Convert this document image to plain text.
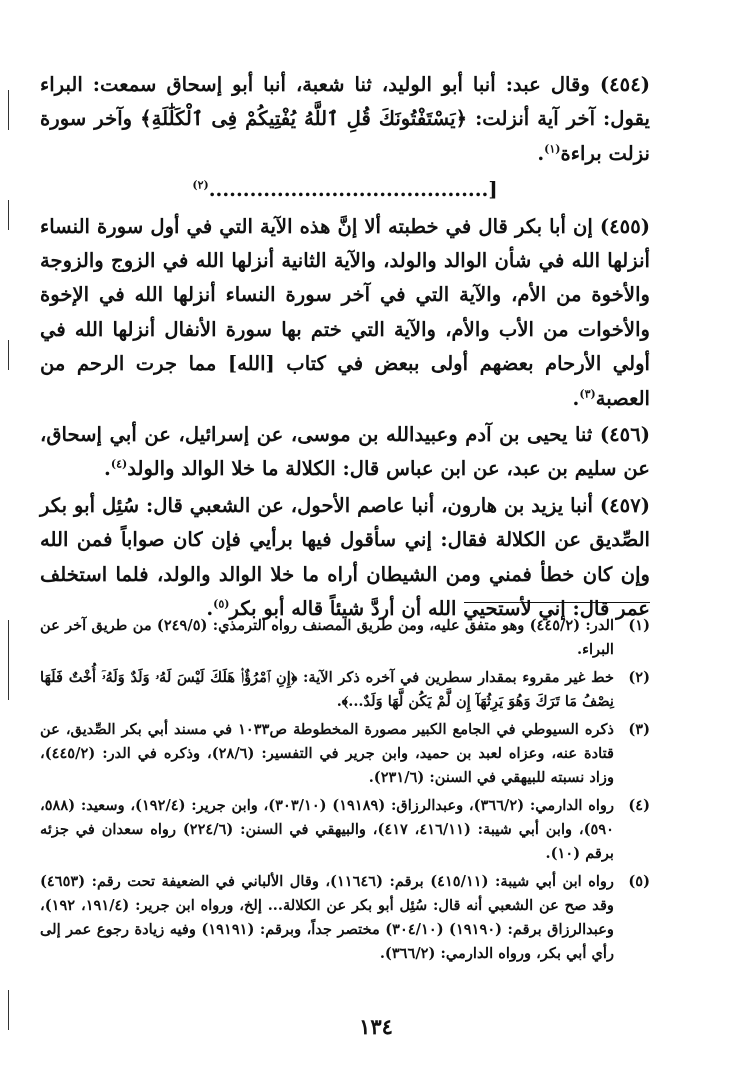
(٤٥٤) وقال عبد: أنبا أبو الوليد، ثنا شعبة، أنبا أبو إسحاق سمعت: البراء يقول: آخر آية أنزلت: ﴿يَسْتَفْتُونَكَ قُلِ ٱللَّهُ يُفْتِيكُمْ فِى ٱلْكَلَٰلَةِ﴾ وآخر سورة نزلت براءة$^{(١)}$.

[.........................................$^{(٢)}$

(٤٥٥) إن أبا بكر قال في خطبته ألا إنَّ هذه الآية التي في أول سورة النساء أنزلها الله في شأن الوالد والولد، والآية الثانية أنزلها الله في الزوج والزوجة والأخوة من الأم، والآية التي في آخر سورة النساء أنزلها الله في الإخوة والأخوات من الأب والأم، والآية التي ختم بها سورة الأنفال أنزلها الله في أولي الأرحام بعضهم أولى ببعض في كتاب [الله] مما جرت الرحم من العصبة$^{(٣)}$.

(٤٥٦) ثنا يحيى بن آدم وعبيدالله بن موسى، عن إسرائيل، عن أبي إسحاق، عن سليم بن عبد، عن ابن عباس قال: الكلالة ما خلا الوالد والولد$^{(٤)}$.

(٤٥٧) أنبا يزيد بن هارون، أنبا عاصم الأحول، عن الشعبي قال: سُئِل أبو بكر الصِّديق عن الكلالة فقال: إني سأقول فيها برأيي فإن كان صواباً فمن الله وإن كان خطأ فمني ومن الشيطان أراه ما خلا الوالد والولد، فلما استخلف عمر قال: إني لأستحيي الله أن أردَّ شيئاً قاله أبو بكر$^{(٥)}$.

(١)
الدر: (٤٤٥/٢) وهو متفق عليه، ومن طريق المصنف رواه الترمذي: (٢٤٩/٥) من طريق آخر عن البراء.
(٢)
خط غير مقروء بمقدار سطرين في آخره ذكر الآية: ﴿إِنِ ٱمْرُؤٌا۟ هَلَكَ لَيْسَ لَهُۥ وَلَدٌ وَلَهُۥٓ أُخْتٌ فَلَهَا نِصْفُ مَا تَرَكَ وَهُوَ يَرِثُهَآ إِن لَّمْ يَكُن لَّهَا وَلَدٌ...﴾.
(٣)
ذكره السيوطي في الجامع الكبير مصورة المخطوطة ص١٠٣٣ في مسند أبي بكر الصِّديق، عن قتادة عنه، وعزاه لعبد بن حميد، وابن جرير في التفسير: (٢٨/٦)، وذكره في الدر: (٤٤٥/٢)، وزاد نسبته للبيهقي في السنن: (٢٣١/٦).
(٤)
رواه الدارمي: (٣٦٦/٢)، وعبدالرزاق: (١٩١٨٩) (٣٠٣/١٠)، وابن جرير: (١٩٢/٤)، وسعيد: (٥٨٨، ٥٩٠)، وابن أبي شيبة: (٤١٦/١١، ٤١٧)، والبيهقي في السنن: (٢٢٤/٦) رواه سعدان في جزئه برقم (١٠).
(٥)
رواه ابن أبي شيبة: (٤١٥/١١) برقم: (١١٦٤٦)، وقال الألباني في الضعيفة تحت رقم: (٤٦٥٣) وقد صح عن الشعبي أنه قال: سُئِل أبو بكر عن الكلالة... إلخ، ورواه ابن جرير: (١٩١/٤، ١٩٢)، وعبدالرزاق برقم: (١٩١٩٠) (٣٠٤/١٠) مختصر جداً، وبرقم: (١٩١٩١) وفيه زيادة رجوع عمر إلى رأي أبي بكر، ورواه الدارمي: (٣٦٦/٢).
١٣٤
